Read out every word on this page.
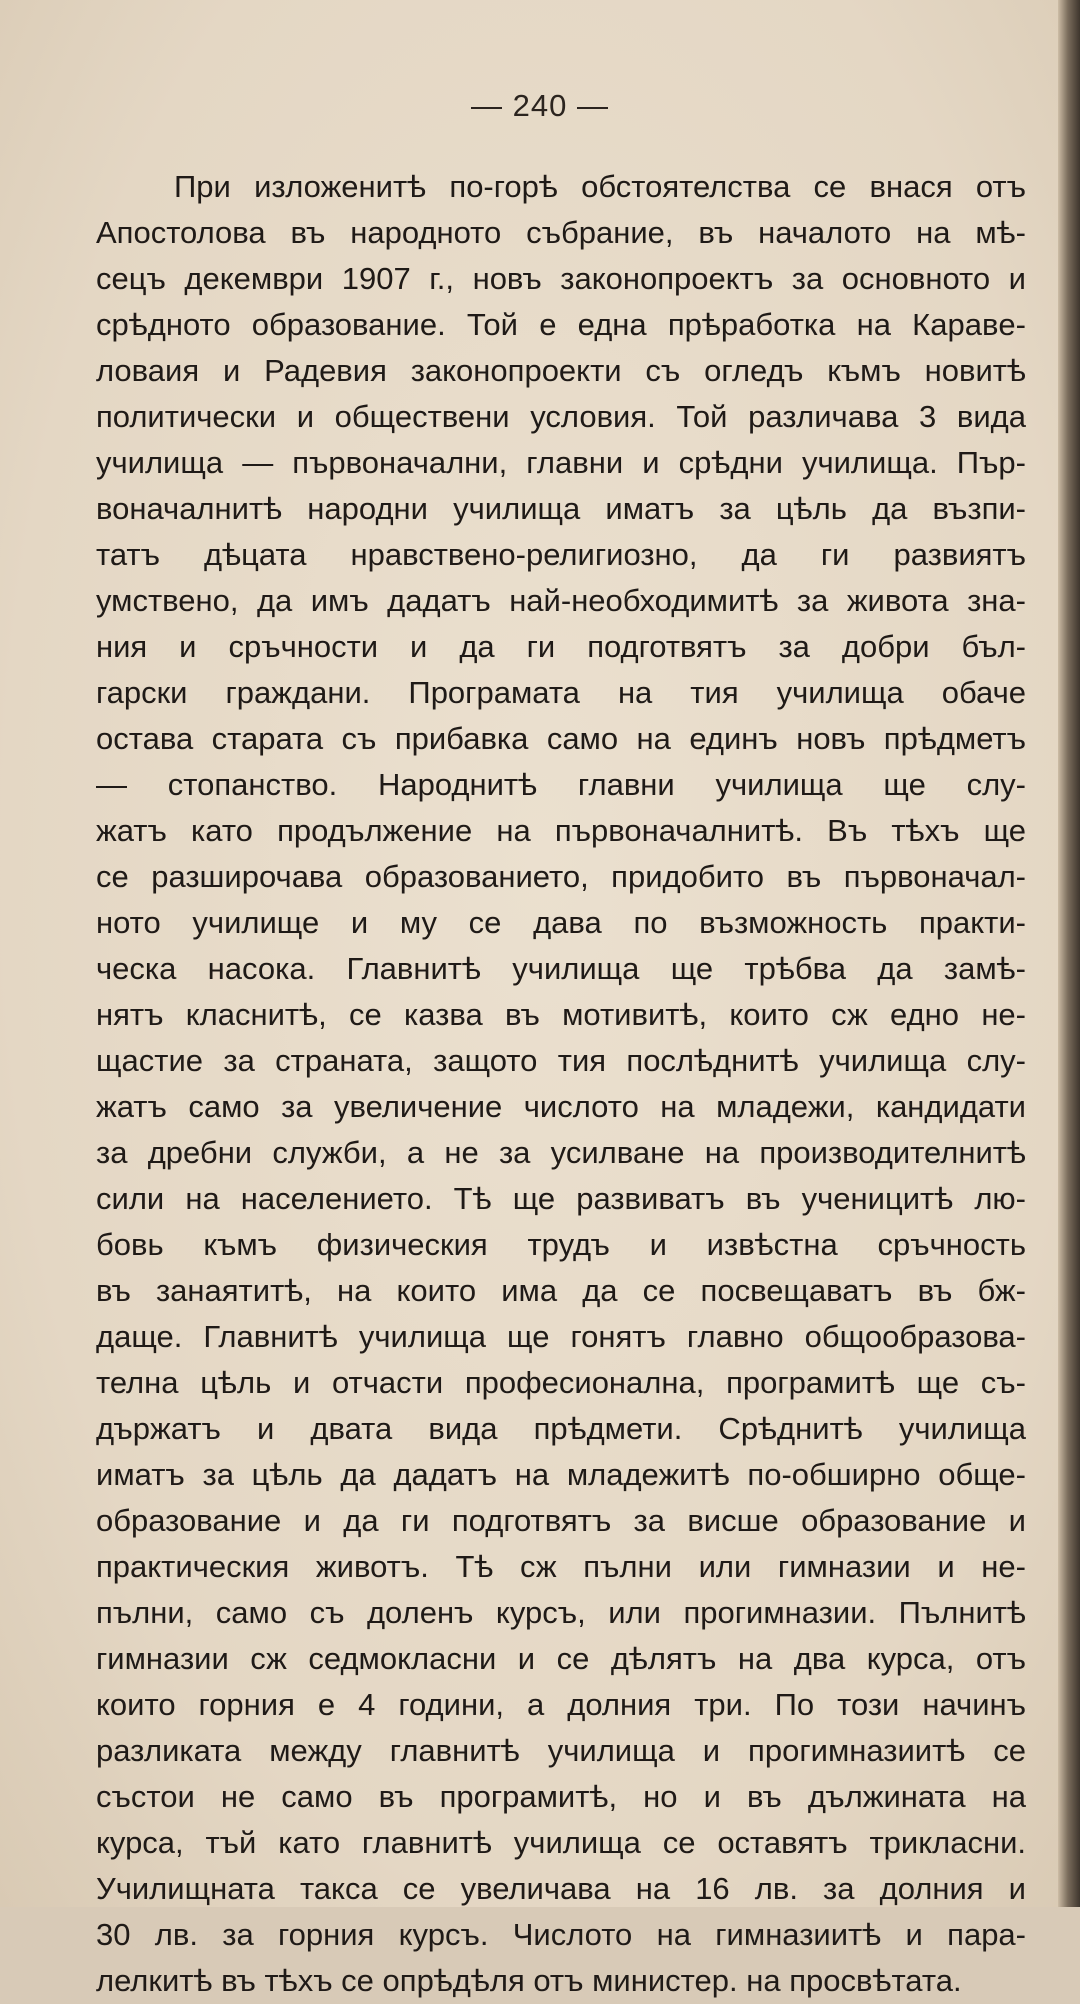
— 240 —
При изложенитѣ по-горѣ обстоятелства се внася отъ
Апостолова въ народното събрание, въ началото на мѣ-
сецъ декември 1907 г., новъ законопроектъ за основното и
срѣдното образование. Той е една прѣработка на Каравe-
ловаия и Радевия законопроекти съ огледъ къмъ новитѣ
политически и обществени условия. Той различава 3 вида
училища — първоначални, главни и срѣдни училища. Пър-
воначалнитѣ народни училища иматъ за цѣль да възпи-
татъ дѣцата нравствено-религиозно, да ги развиятъ
умствено, да имъ дадатъ най-необходимитѣ за живота зна-
ния и сръчности и да ги подготвятъ за добри бъл-
гарски граждани. Програмата на тия училища обаче
остава старата съ прибавка само на единъ новъ прѣдметъ
— стопанство. Народнитѣ главни училища ще слу-
жатъ като продължение на първоначалнитѣ. Въ тѣхъ ще
се разширочава образованието, придобито въ първоначал-
ното училище и му се дава по възможность практи-
ческа насока. Главнитѣ училища ще трѣбва да замѣ-
нятъ класнитѣ, се казва въ мотивитѣ, които сж едно не-
щастие за страната, защото тия послѣднитѣ училища слу-
жатъ само за увеличение числото на младежи, кандидати
за дребни служби, а не за усилване на производителнитѣ
сили на населението. Тѣ ще развиватъ въ ученицитѣ лю-
бовь къмъ физическия трудъ и извѣстна сръчность
въ занаятитѣ, на които има да се посвещаватъ въ бж-
даще. Главнитѣ училища ще гонятъ главно общообразова-
телна цѣль и отчасти професионална, програмитѣ ще съ-
държатъ и двата вида прѣдмети. Срѣднитѣ училища
иматъ за цѣль да дадатъ на младежитѣ по-обширно обще-
образование и да ги подготвятъ за висше образование и
практическия животъ. Тѣ сж пълни или гимназии и не-
пълни, само съ доленъ курсъ, или прогимназии. Пълнитѣ
гимназии сж седмокласни и се дѣлятъ на два курса, отъ
които горния е 4 години, а долния три. По този начинъ
разликата между главнитѣ училища и прогимназиитѣ се
състои не само въ програмитѣ, но и въ дължината на
курса, тъй като главнитѣ училища се оставятъ трикласни.
Училищната такса се увеличава на 16 лв. за долния и
30 лв. за горния курсъ. Числото на гимназиитѣ и пара-
лелкитѣ въ тѣхъ се опрѣдѣля отъ министер. на просвѣтата.
